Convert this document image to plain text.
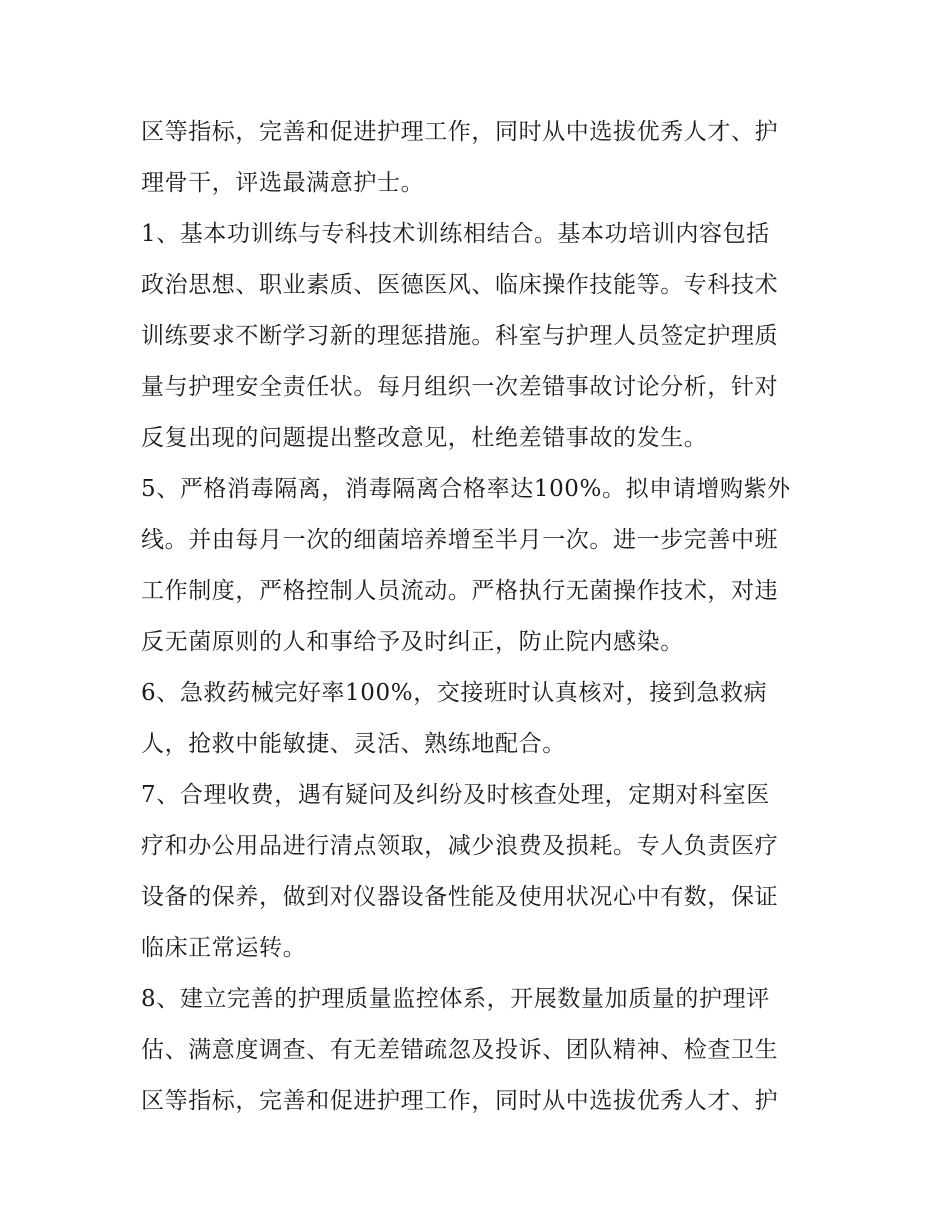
区等指标，完善和促进护理工作，同时从中选拔优秀人才、护
理骨干，评选最满意护士。
1、基本功训练与专科技术训练相结合。基本功培训内容包括
政治思想、职业素质、医德医风、临床操作技能等。专科技术
训练要求不断学习新的理惩措施。科室与护理人员签定护理质
量与护理安全责任状。每月组织一次差错事故讨论分析，针对
反复出现的问题提出整改意见，杜绝差错事故的发生。
5、严格消毒隔离，消毒隔离合格率达100%。拟申请增购紫外
线。并由每月一次的细菌培养增至半月一次。进一步完善中班
工作制度，严格控制人员流动。严格执行无菌操作技术，对违
反无菌原则的人和事给予及时纠正，防止院内感染。
6、急救药械完好率100%，交接班时认真核对，接到急救病
人，抢救中能敏捷、灵活、熟练地配合。
7、合理收费，遇有疑问及纠纷及时核查处理，定期对科室医
疗和办公用品进行清点领取，减少浪费及损耗。专人负责医疗
设备的保养，做到对仪器设备性能及使用状况心中有数，保证
临床正常运转。
8、建立完善的护理质量监控体系，开展数量加质量的护理评
估、满意度调查、有无差错疏忽及投诉、团队精神、检查卫生
区等指标，完善和促进护理工作，同时从中选拔优秀人才、护
